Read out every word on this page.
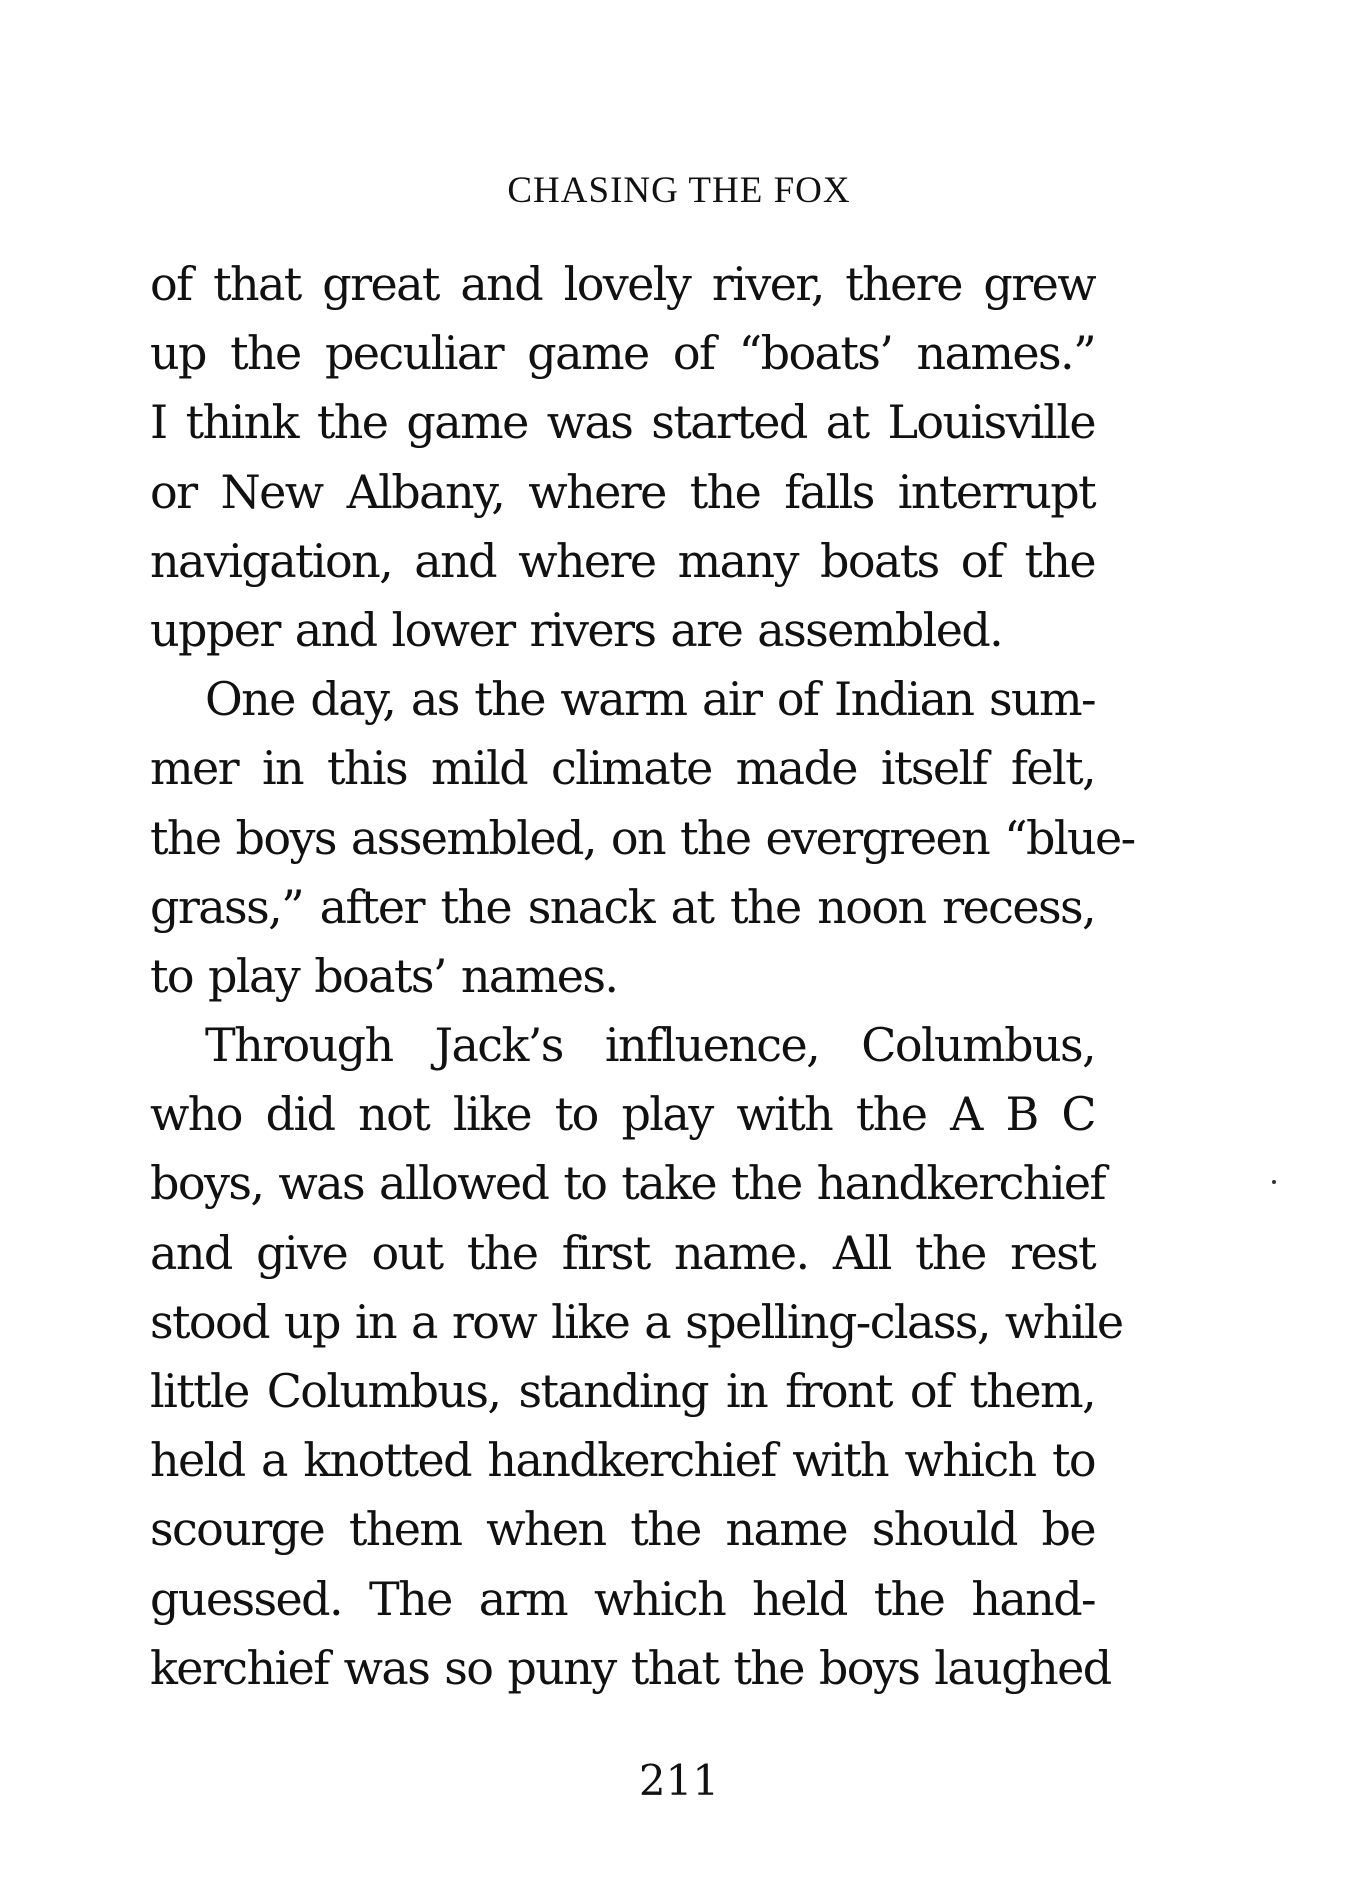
CHASING THE FOX
of that great and lovely river, there grew
up the peculiar game of “boats’ names.”
I think the game was started at Louisville
or New Albany, where the falls interrupt
navigation, and where many boats of the
upper and lower rivers are assembled.
One day, as the warm air of Indian sum-
mer in this mild climate made itself felt,
the boys assembled, on the evergreen “blue-
grass,” after the snack at the noon recess,
to play boats’ names.
Through Jack’s influence, Columbus,
who did not like to play with the A B C
boys, was allowed to take the handkerchief
and give out the first name. All the rest
stood up in a row like a spelling-class, while
little Columbus, standing in front of them,
held a knotted handkerchief with which to
scourge them when the name should be
guessed. The arm which held the hand-
kerchief was so puny that the boys laughed
211
